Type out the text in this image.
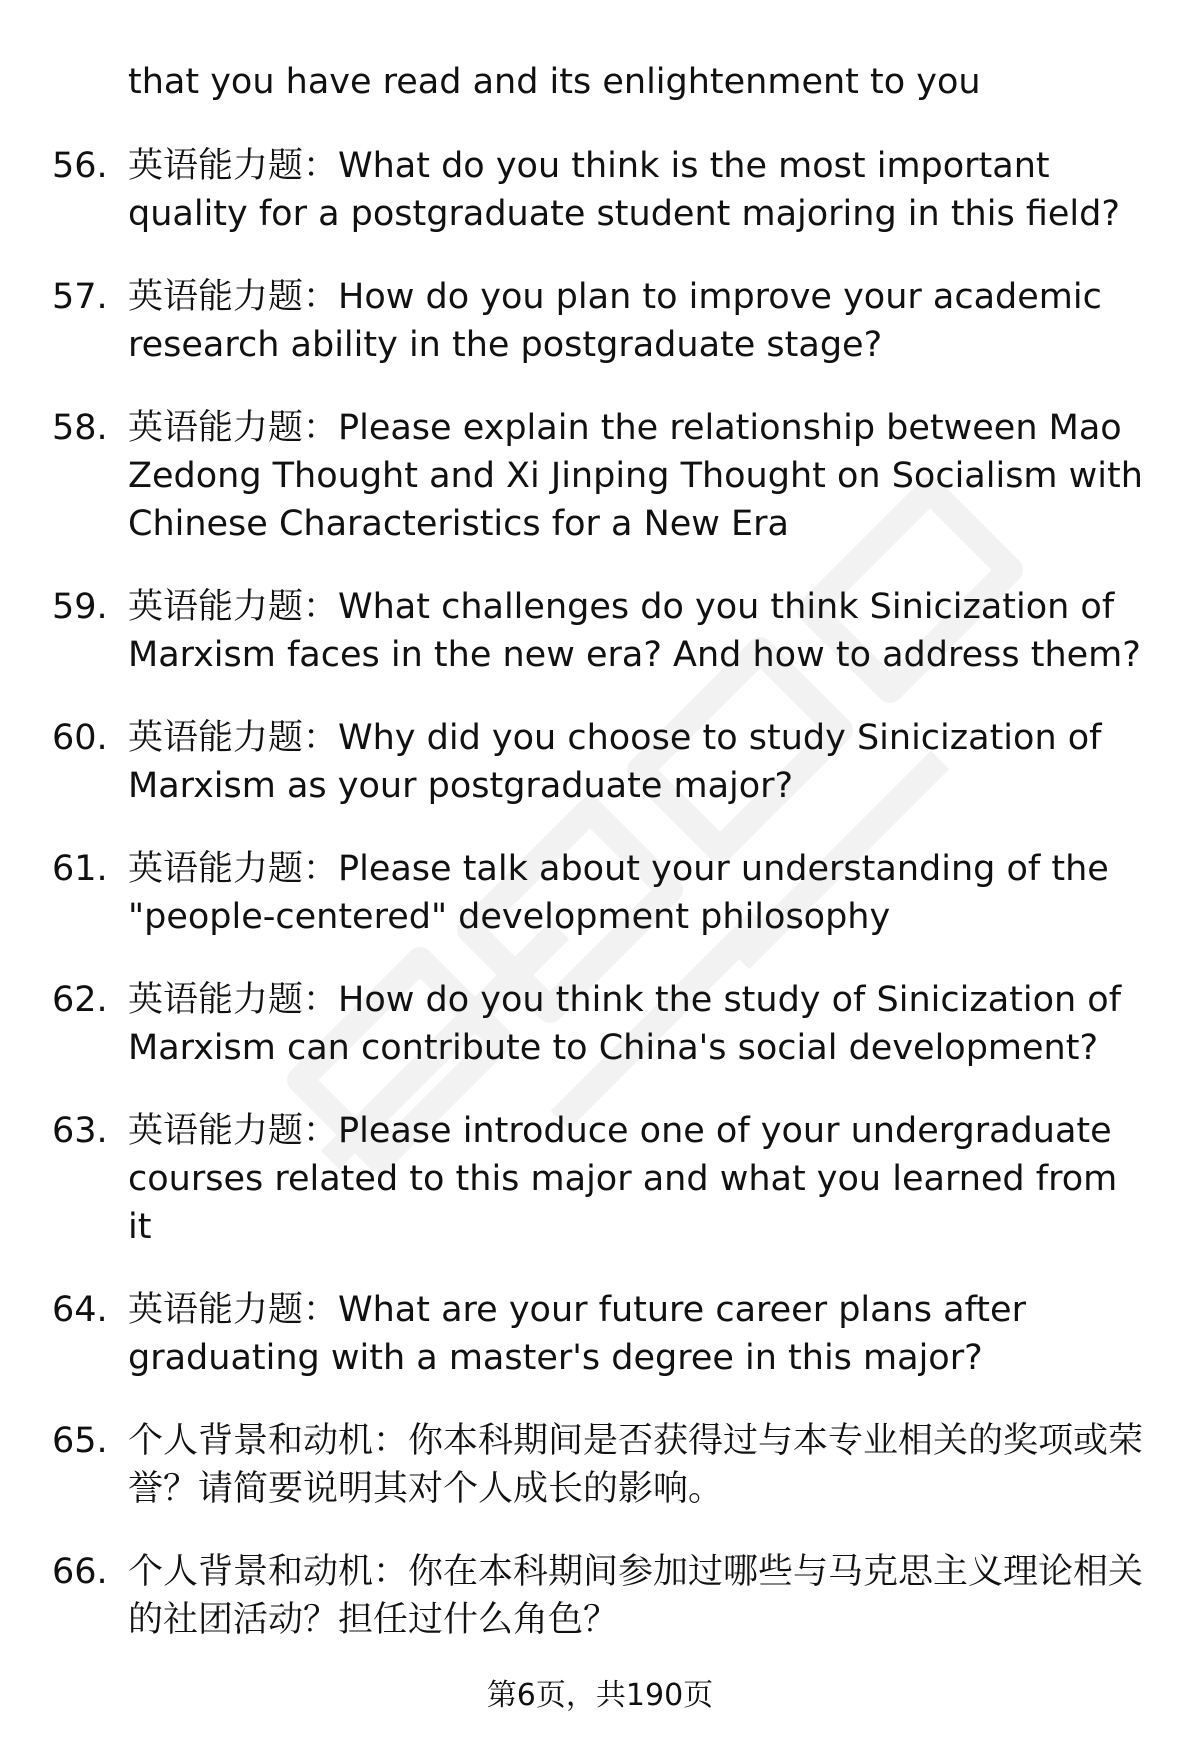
that you have read and its enlightenment to you
56. 英语能力题：What do you think is the most important quality for a postgraduate student majoring in this field?
57. 英语能力题：How do you plan to improve your academic research ability in the postgraduate stage?
58. 英语能力题：Please explain the relationship between Mao Zedong Thought and Xi Jinping Thought on Socialism with Chinese Characteristics for a New Era
59. 英语能力题：What challenges do you think Sinicization of Marxism faces in the new era? And how to address them?
60. 英语能力题：Why did you choose to study Sinicization of Marxism as your postgraduate major?
61. 英语能力题：Please talk about your understanding of the "people-centered" development philosophy
62. 英语能力题：How do you think the study of Sinicization of Marxism can contribute to China's social development?
63. 英语能力题：Please introduce one of your undergraduate courses related to this major and what you learned from it
64. 英语能力题：What are your future career plans after graduating with a master's degree in this major?
65. 个人背景和动机：你本科期间是否获得过与本专业相关的奖项或荣誉？请简要说明其对个人成长的影响。
66. 个人背景和动机：你在本科期间参加过哪些与马克思主义理论相关的社团活动？担任过什么角色？
第6页，共190页
